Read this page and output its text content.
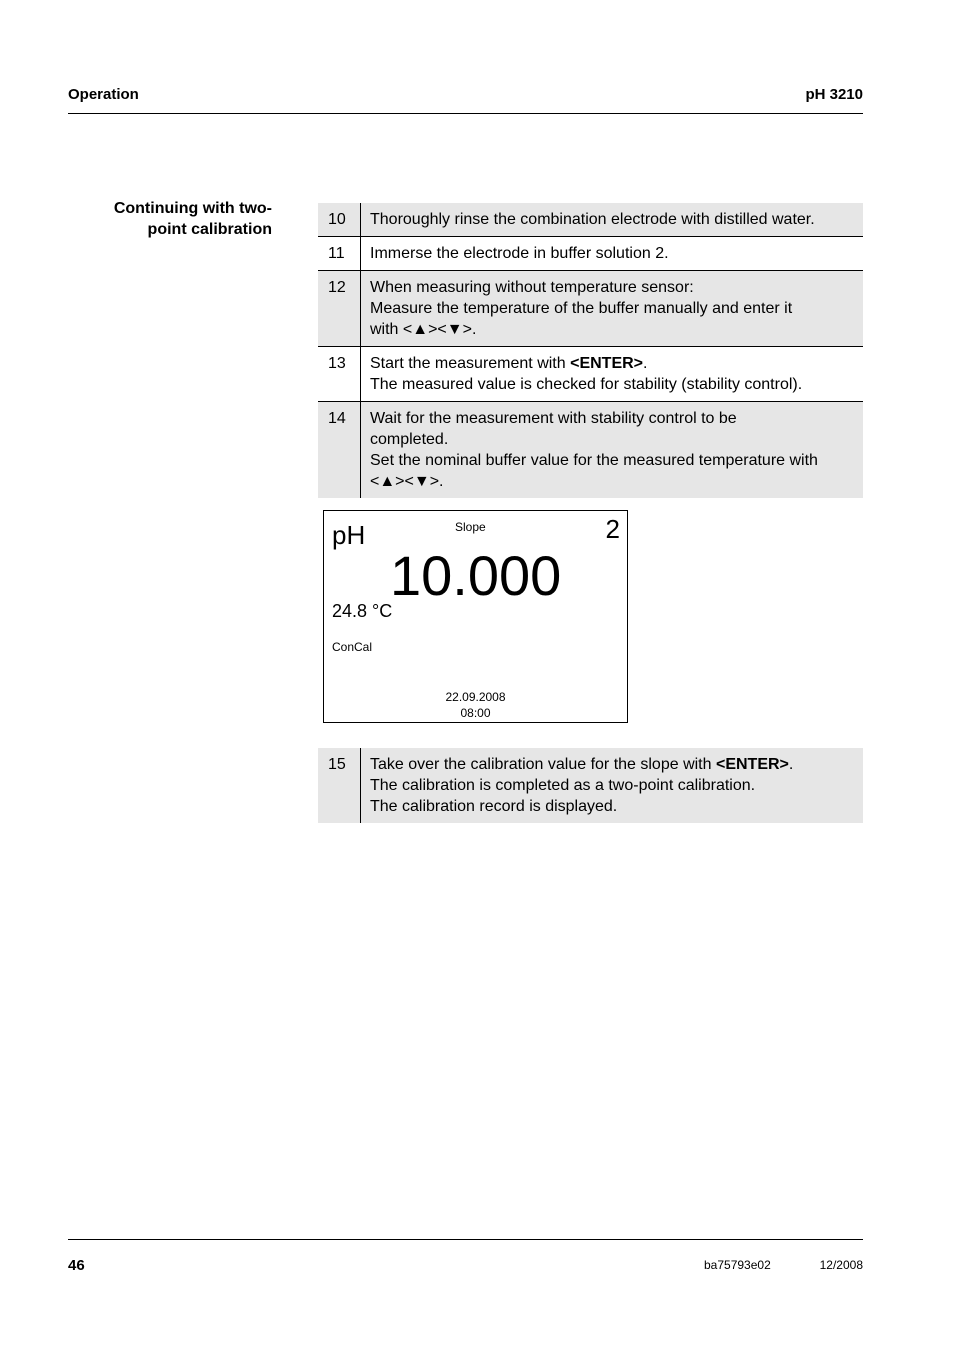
Operation	pH 3210
Continuing with two-
point calibration
10	Thoroughly rinse the combination electrode with distilled water.
11	Immerse the electrode in buffer solution 2.
12	When measuring without temperature sensor:
Measure the temperature of the buffer manually and enter it
with <▲><▼>.
13	Start the measurement with <ENTER>.
The measured value is checked for stability (stability control).
14	Wait for the measurement with stability control to be
completed.
Set the nominal buffer value for the measured temperature with
<▲><▼>.
pH	Slope	2
10.000
24.8 °C
ConCal
22.09.2008
08:00
15	Take over the calibration value for the slope with <ENTER>.
The calibration is completed as a two-point calibration.
The calibration record is displayed.
46	ba75793e02	12/2008
